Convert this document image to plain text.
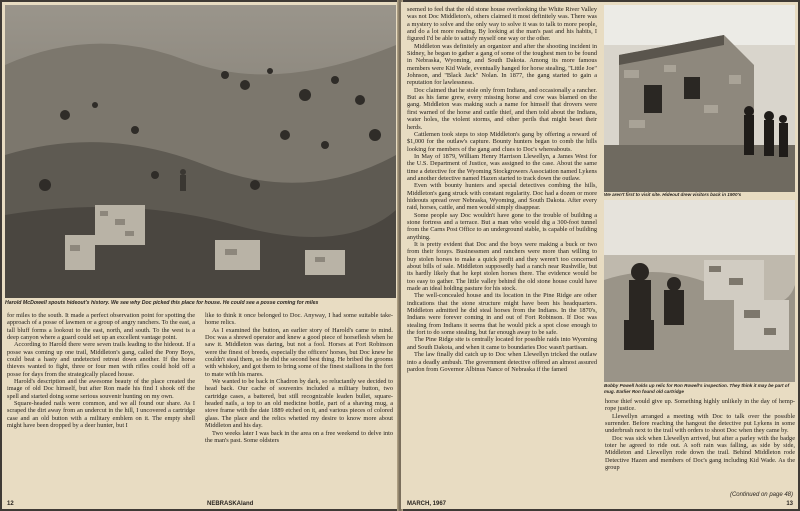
Harold McDowell spouts hideout's history. We see why Doc picked this place for house. He could see a posse coming for miles

for miles to the south. It made a perfect observation point for spotting the approach of a posse of lawmen or a group of angry ranchers. To the east, a tall bluff forms a lookout to the east, north, and south. To the west is a deep canyon where a guard could set up an excellent vantage point.

According to Harold there were seven trails leading to the hideout. If a posse was coming up one trail, Middleton's gang, called the Pony Boys, could beat a hasty and undetected retreat down another. If the horse thieves wanted to fight, three or four men with rifles could hold off a posse for days from the strategically placed house.

Harold's description and the awesome beauty of the place created the image of old Doc himself, but after Ron made his find I shook off the spell and started doing some serious souvenir hunting on my own.

Square-headed nails were common, and we all found our share. As I scraped the dirt away from an undercut in the hill, I uncovered a cartridge case and an old button with a military emblem on it. The empty shell might have been dropped by a deer hunter, but I

like to think it once belonged to Doc. Anyway, I had some suitable take-home relics.

As I examined the button, an earlier story of Harold's came to mind. Doc was a shrewd operator and knew a good piece of horseflesh when he saw it. Middleton was daring, but not a fool. Horses at Fort Robinson were the finest of breeds, especially the officers' horses, but Doc knew he couldn't steal them, so he did the second best thing. He bribed the grooms with whiskey, and got them to bring some of the finest stallions in the fort to mate with his mares.

We wanted to be back in Chadron by dark, so reluctantly we decided to head back. Our cache of souvenirs included a military button, two cartridge cases, a battered, but still recognizable leaden bullet, square-headed nails, a top to an old medicine bottle, part of a shaving mug, a stove frame with the date 1889 etched on it, and various pieces of colored glass. The place and the relics whetted my desire to know more about Middleton and his day.

Two weeks later I was back in the area on a free weekend to delve into the man's past. Some oldsters

12	NEBRASKAland

seemed to feel that the old stone house overlooking the White River Valley was not Doc Middleton's, others claimed it most definitely was. There was a mystery to solve and the only way to solve it was to talk to more people, and do a lot more reading. By looking at the man's past and his habits, I figured I'd be able to satisfy myself one way or the other.

Middleton was definitely an organizer and after the shooting incident in Sidney, he began to gather a gang of some of the toughest men to be found in Nebraska, Wyoming, and South Dakota. Among its more famous members were Kid Wade, eventually hanged for horse stealing, "Little Joe" Johnson, and "Black Jack" Nolan. In 1877, the gang started to gain a reputation for lawlessness.

Doc claimed that he stole only from Indians, and occasionally a rancher. But as his fame grew, every missing horse and cow was blamed on the gang. Middleton was making such a name for himself that drovers were first warned of the horse and cattle thief, and then told about the Indians, water holes, the violent storms, and other perils that might beset their herds.

Cattlemen took steps to stop Middleton's gang by offering a reward of $1,000 for the outlaw's capture. Bounty hunters began to comb the hills looking for members of the gang and clues to Doc's whereabouts.

In May of 1879, William Henry Harrison Llewellyn, a James West for the U.S. Department of Justice, was assigned to the case. About the same time a detective for the Wyoming Stockgrowers Association named Lykens and another detective named Hazen started to track down the outlaw.

Even with bounty hunters and special detectives combing the hills, Middleton's gang struck with constant regularity. Doc had a dozen or more hideouts spread over Nebraska, Wyoming, and South Dakota. After every raid, horses, cattle, and men would simply disappear.

Some people say Doc wouldn't have gone to the trouble of building a stone fortress and a terrace. But a man who would dig a 300-foot tunnel from the Carns Post Office to an underground stable, is capable of building anything.

It is pretty evident that Doc and the boys were making a buck or two from their forays. Businessmen and ranchers were more than willing to buy stolen horses to make a quick profit and they weren't too concerned about bills of sale. Middleton supposedly had a ranch near Rushville, but its hardly likely that he kept stolen horses there. The evidence would be too easy to gather. The little valley behind the old stone house could have made an ideal holding pasture for his stock.

The well-concealed house and its location in the Pine Ridge are other indications that the stone structure might have been his headquarters. Middleton admitted he did steal horses from the Indians. In the 1870's, Indians were forever coming in and out of Fort Robinson. If Doc was stealing from Indians it seems that he would pick a spot close enough to the fort to do some stealing, but far enough away to be safe.

The Pine Ridge site is centrally located for possible raids into Wyoming and South Dakota, and when it came to boundaries Doc wasn't partisan.

The law finally did catch up to Doc when Llewellyn tricked the outlaw into a deadly ambush. The government detective offered an almost assured pardon from Governor Albinus Nance of Nebraska if the famed

We aren't first to visit site. Hideout drew visitors back in 1900's
Bobby Powell holds up relic for Ron Rowell's inspection. They think it may be part of mug. Earlier Ron found old cartridge

horse thief would give up. Something highly unlikely in the day of hemp-rope justice.

Llewellyn arranged a meeting with Doc to talk over the possible surrender. Before reaching the hangout the detective put Lykens in some underbrush next to the trail with orders to shoot Doc when they came by.

Doc was sick when Llewellyn arrived, but after a parley with the badge toter he agreed to ride out. A soft rain was falling, as side by side, Middleton and Llewellyn rode down the trail. Behind Middleton rode Detective Hazen and members of Doc's gang including Kid Wade. As the group

(Continued on page 48)
MARCH, 1967	13
